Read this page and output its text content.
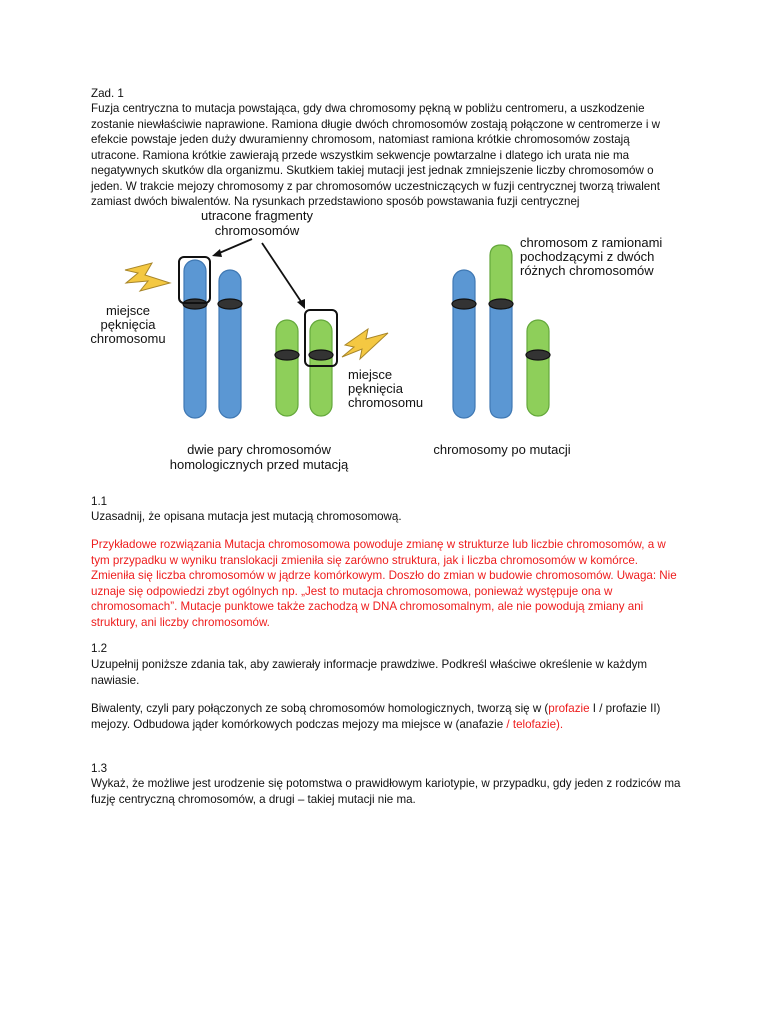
Zad. 1

Fuzja centryczna to mutacja powstająca, gdy dwa chromosomy pękną w pobliżu centromeru, a uszkodzenie zostanie niewłaściwie naprawione. Ramiona długie dwóch chromosomów zostają połączone w centromerze i w efekcie powstaje jeden duży dwuramienny chromosom, natomiast ramiona krótkie chromosomów zostają utracone. Ramiona krótkie zawierają przede wszystkim sekwencje powtarzalne i dlatego ich urata nie ma negatywnych skutków dla organizmu. Skutkiem takiej mutacji jest jednak zmniejszenie liczby chromosomów o jeden. W trakcie mejozy chromosomy z par chromosomów uczestniczących w fuzji centrycznej tworzą triwalent zamiast dwóch biwalentów. Na rysunkach przedstawiono sposób powstawania fuzji centrycznej

utracone fragmenty
chromosomów
miejsce
pęknięcia
chromosomu
miejsce
pęknięcia
chromosomu
chromosom z ramionami
pochodzącymi z dwóch
różnych chromosomów
dwie pary chromosomów
homologicznych przed mutacją
chromosomy po mutacji

1.1

Uzasadnij, że opisana mutacja jest mutacją chromosomową.

Przykładowe rozwiązania Mutacja chromosomowa powoduje zmianę w strukturze lub liczbie chromosomów, a w tym przypadku w wyniku translokacji zmieniła się zarówno struktura, jak i liczba chromosomów w komórce. Zmieniła się liczba chromosomów w jądrze komórkowym. Doszło do zmian w budowie chromosomów. Uwaga: Nie uznaje się odpowiedzi zbyt ogólnych np. „Jest to mutacja chromosomowa, ponieważ występuje ona w chromosomach”. Mutacje punktowe także zachodzą w DNA chromosomalnym, ale nie powodują zmiany ani struktury, ani liczby chromosomów.

1.2

Uzupełnij poniższe zdania tak, aby zawierały informacje prawdziwe. Podkreśl właściwe określenie w każdym nawiasie.

Biwalenty, czyli pary połączonych ze sobą chromosomów homologicznych, tworzą się w (profazie I / profazie II) mejozy. Odbudowa jąder komórkowych podczas mejozy ma miejsce w (anafazie / telofazie).

1.3

Wykaż, że możliwe jest urodzenie się potomstwa o prawidłowym kariotypie, w przypadku, gdy jeden z rodziców ma fuzję centryczną chromosomów, a drugi – takiej mutacji nie ma.
